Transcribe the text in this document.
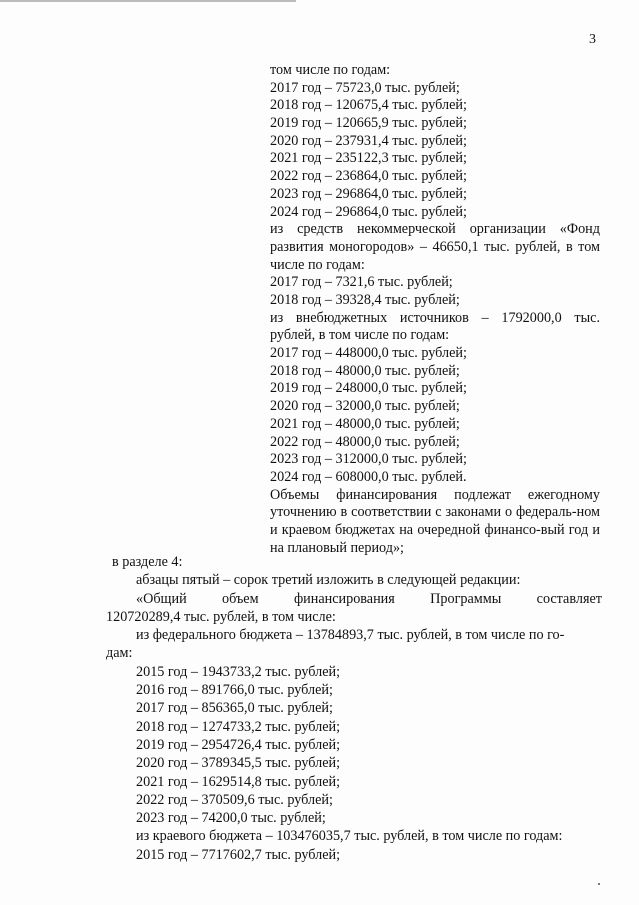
3
том числе по годам:
2017 год – 75723,0 тыс. рублей;
2018 год – 120675,4 тыс. рублей;
2019 год – 120665,9 тыс. рублей;
2020 год – 237931,4 тыс. рублей;
2021 год – 235122,3 тыс. рублей;
2022 год – 236864,0 тыс. рублей;
2023 год – 296864,0 тыс. рублей;
2024 год – 296864,0 тыс. рублей;
из средств некоммерческой организации «Фонд развития моногородов» – 46650,1 тыс. рублей, в том числе по годам:
2017 год – 7321,6 тыс. рублей;
2018 год – 39328,4 тыс. рублей;
из внебюджетных источников – 1792000,0 тыс. рублей, в том числе по годам:
2017 год – 448000,0 тыс. рублей;
2018 год – 48000,0 тыс. рублей;
2019 год – 248000,0 тыс. рублей;
2020 год – 32000,0 тыс. рублей;
2021 год – 48000,0 тыс. рублей;
2022 год – 48000,0 тыс. рублей;
2023 год – 312000,0 тыс. рублей;
2024 год – 608000,0 тыс. рублей.
Объемы финансирования подлежат ежегодному уточнению в соответствии с законами о федераль-ном и краевом бюджетах на очередной финансо-вый год и на плановый период»;
в разделе 4:
абзацы пятый – сорок третий изложить в следующей редакции:
«Общий объем финансирования Программы составляет
120720289,4 тыс. рублей, в том числе:
из федерального бюджета – 13784893,7 тыс. рублей, в том числе по го-
дам:
2015 год – 1943733,2 тыс. рублей;
2016 год – 891766,0 тыс. рублей;
2017 год – 856365,0 тыс. рублей;
2018 год – 1274733,2 тыс. рублей;
2019 год – 2954726,4 тыс. рублей;
2020 год – 3789345,5 тыс. рублей;
2021 год – 1629514,8 тыс. рублей;
2022 год – 370509,6 тыс. рублей;
2023 год – 74200,0 тыс. рублей;
из краевого бюджета – 103476035,7 тыс. рублей, в том числе по годам:
2015 год – 7717602,7 тыс. рублей;
